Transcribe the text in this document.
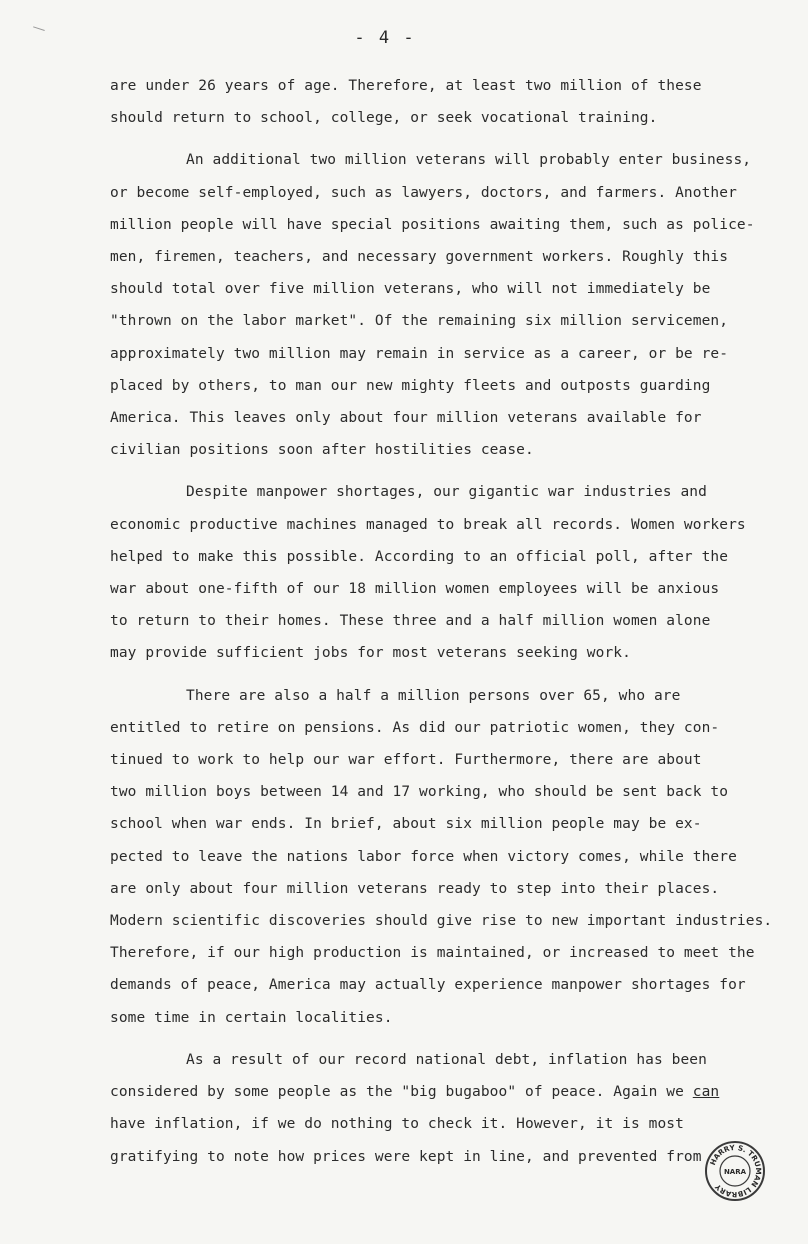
- 4 -
are under 26 years of age. Therefore, at least two million of these
should return to school, college, or seek vocational training.
An additional two million veterans will probably enter business,
or become self-employed, such as lawyers, doctors, and farmers. Another
million people will have special positions awaiting them, such as police-
men, firemen, teachers, and necessary government workers. Roughly this
should total over five million veterans, who will not immediately be
"thrown on the labor market". Of the remaining six million servicemen,
approximately two million may remain in service as a career, or be re-
placed by others, to man our new mighty fleets and outposts guarding
America. This leaves only about four million veterans available for
civilian positions soon after hostilities cease.
Despite manpower shortages, our gigantic war industries and
economic productive machines managed to break all records. Women workers
helped to make this possible. According to an official poll, after the
war about one-fifth of our 18 million women employees will be anxious
to return to their homes. These three and a half million women alone
may provide sufficient jobs for most veterans seeking work.
There are also a half a million persons over 65, who are
entitled to retire on pensions. As did our patriotic women, they con-
tinued to work to help our war effort. Furthermore, there are about
two million boys between 14 and 17 working, who should be sent back to
school when war ends. In brief, about six million people may be ex-
pected to leave the nations labor force when victory comes, while there
are only about four million veterans ready to step into their places.
Modern scientific discoveries should give rise to new important industries.
Therefore, if our high production is maintained, or increased to meet the
demands of peace, America may actually experience manpower shortages for
some time in certain localities.
As a result of our record national debt, inflation has been
considered by some people as the "big bugaboo" of peace. Again we can
have inflation, if we do nothing to check it. However, it is most
gratifying to note how prices were kept in line, and prevented from HARRY S. TRUMAN LIBRARY
NARA
